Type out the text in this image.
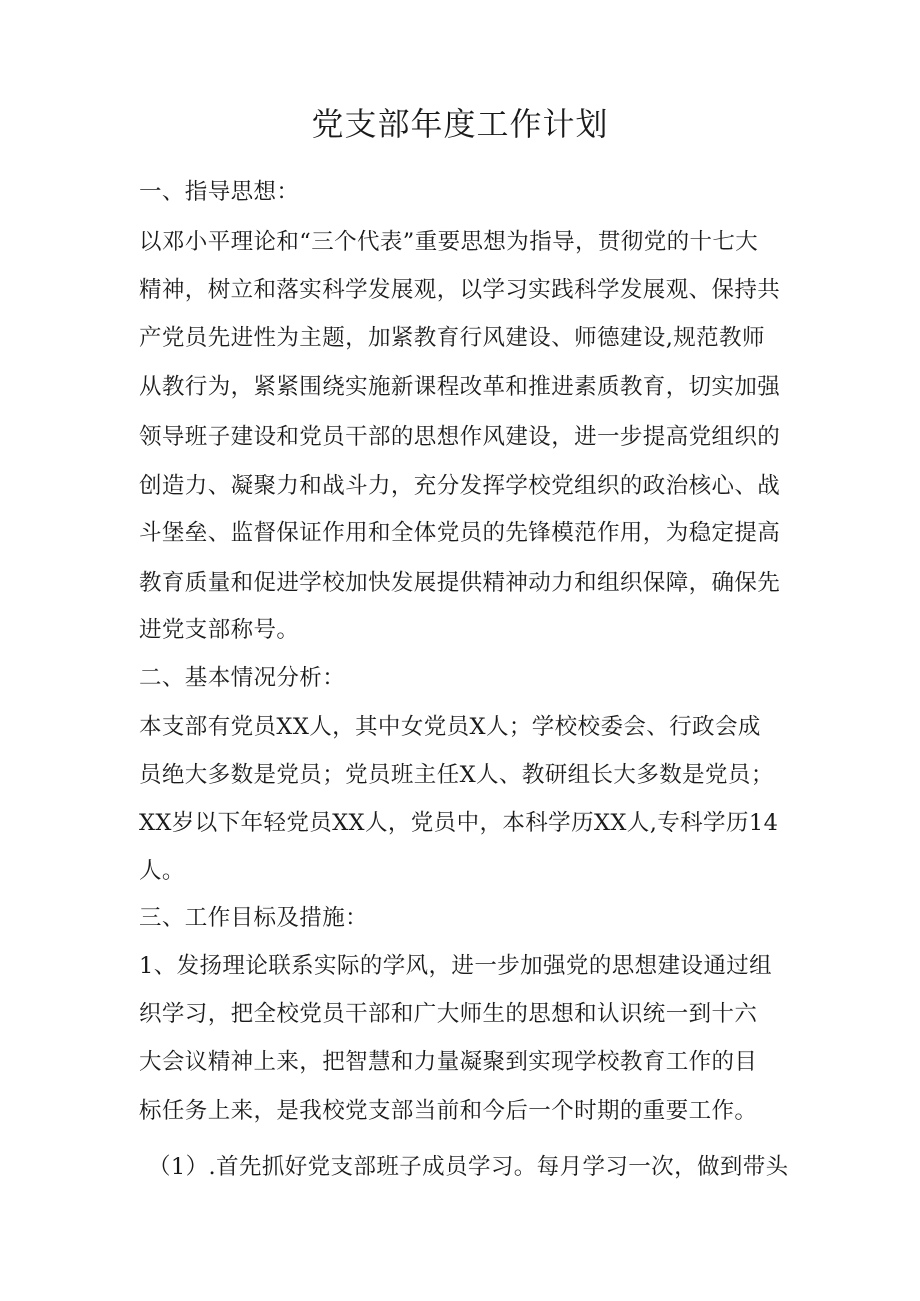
党支部年度工作计划
一、指导思想：
以邓小平理论和“三个代表”重要思想为指导，贯彻党的十七大
精神，树立和落实科学发展观，以学习实践科学发展观、保持共
产党员先进性为主题，加紧教育行风建设、师德建设,规范教师
从教行为，紧紧围绕实施新课程改革和推进素质教育，切实加强
领导班子建设和党员干部的思想作风建设，进一步提高党组织的
创造力、凝聚力和战斗力，充分发挥学校党组织的政治核心、战
斗堡垒、监督保证作用和全体党员的先锋模范作用，为稳定提高
教育质量和促进学校加快发展提供精神动力和组织保障，确保先
进党支部称号。
二、基本情况分析：
本支部有党员XX人，其中女党员X人；学校校委会、行政会成
员绝大多数是党员；党员班主任X人、教研组长大多数是党员；
XX岁以下年轻党员XX人，党员中，本科学历XX人,专科学历14
人。
三、工作目标及措施：
1、发扬理论联系实际的学风，进一步加强党的思想建设通过组
织学习，把全校党员干部和广大师生的思想和认识统一到十六
大会议精神上来，把智慧和力量凝聚到实现学校教育工作的目
标任务上来，是我校党支部当前和今后一个时期的重要工作。
（1）.首先抓好党支部班子成员学习。每月学习一次，做到带头
